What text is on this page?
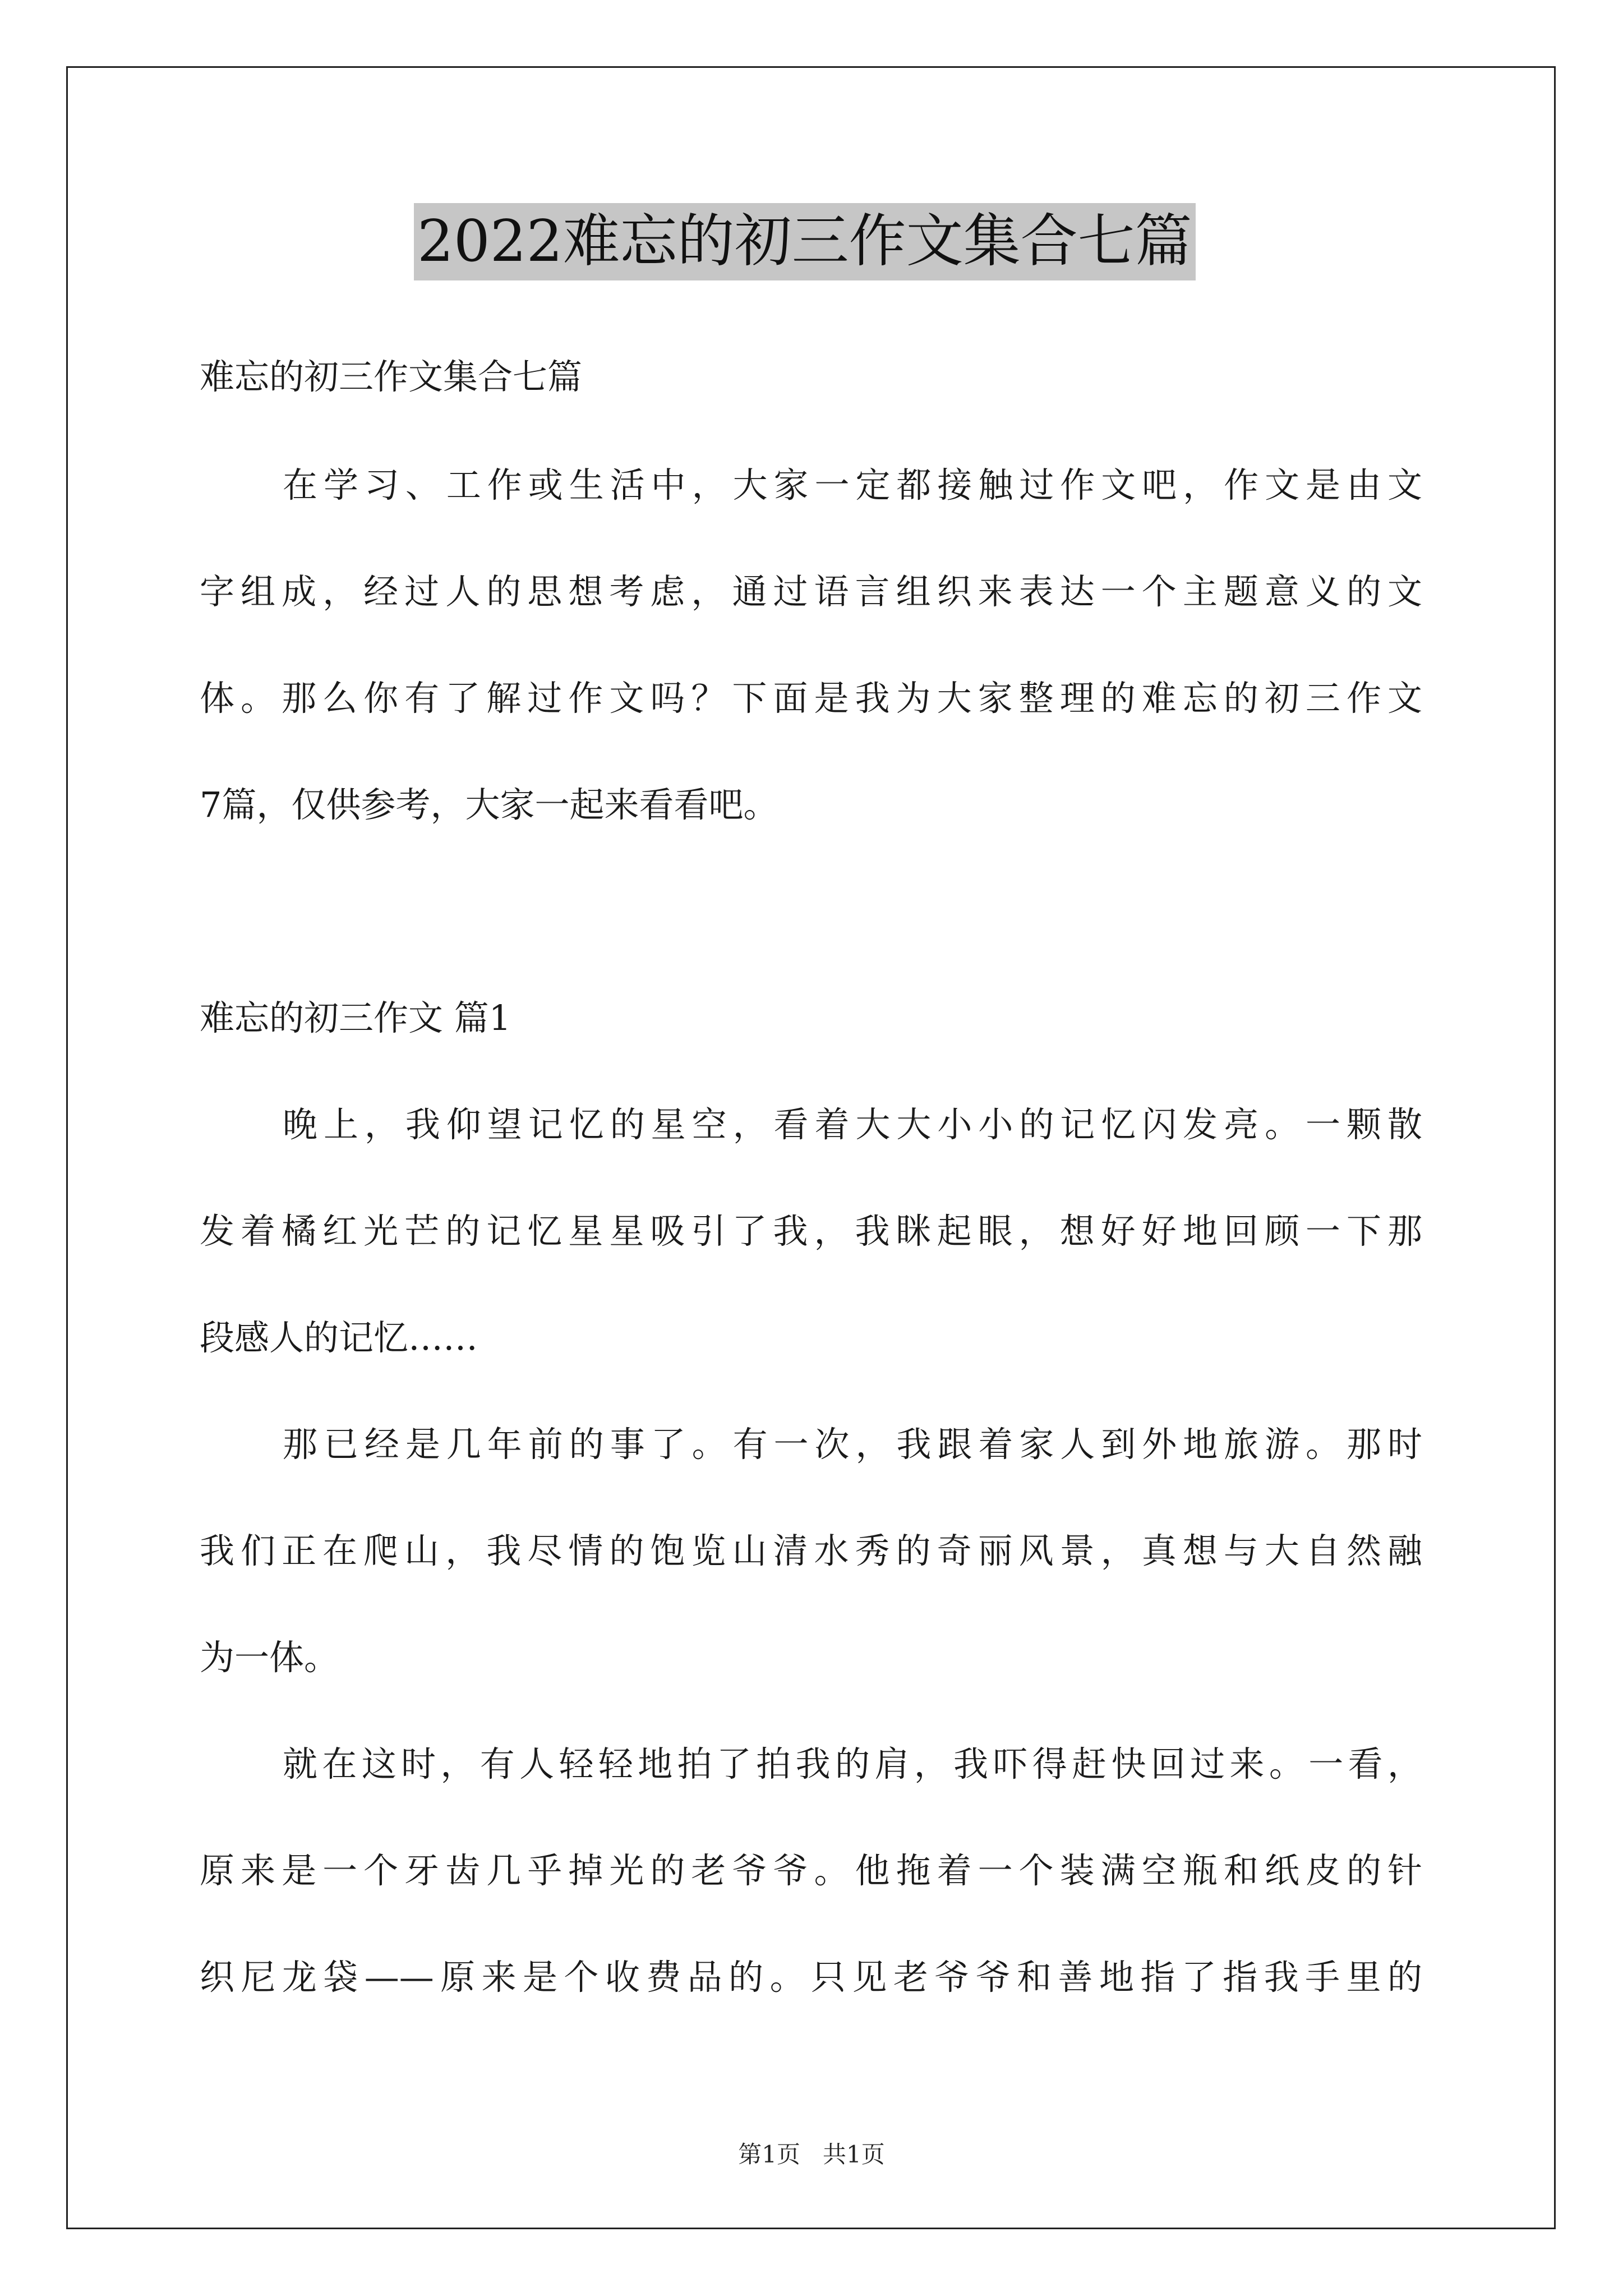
2022难忘的初三作文集合七篇
难忘的初三作文集合七篇
在学习、工作或生活中，大家一定都接触过作文吧，作文是由文
字组成，经过人的思想考虑，通过语言组织来表达一个主题意义的文
体。那么你有了解过作文吗？下面是我为大家整理的难忘的初三作文
7篇，仅供参考，大家一起来看看吧。
难忘的初三作文 篇1
晚上，我仰望记忆的星空，看着大大小小的记忆闪发亮。一颗散
发着橘红光芒的记忆星星吸引了我，我眯起眼，想好好地回顾一下那
段感人的记忆……
那已经是几年前的事了。有一次，我跟着家人到外地旅游。那时
我们正在爬山，我尽情的饱览山清水秀的奇丽风景，真想与大自然融
为一体。
就在这时，有人轻轻地拍了拍我的肩，我吓得赶快回过来。一看，
原来是一个牙齿几乎掉光的老爷爷。他拖着一个装满空瓶和纸皮的针
织尼龙袋——原来是个收费品的。只见老爷爷和善地指了指我手里的
第1页   共1页
